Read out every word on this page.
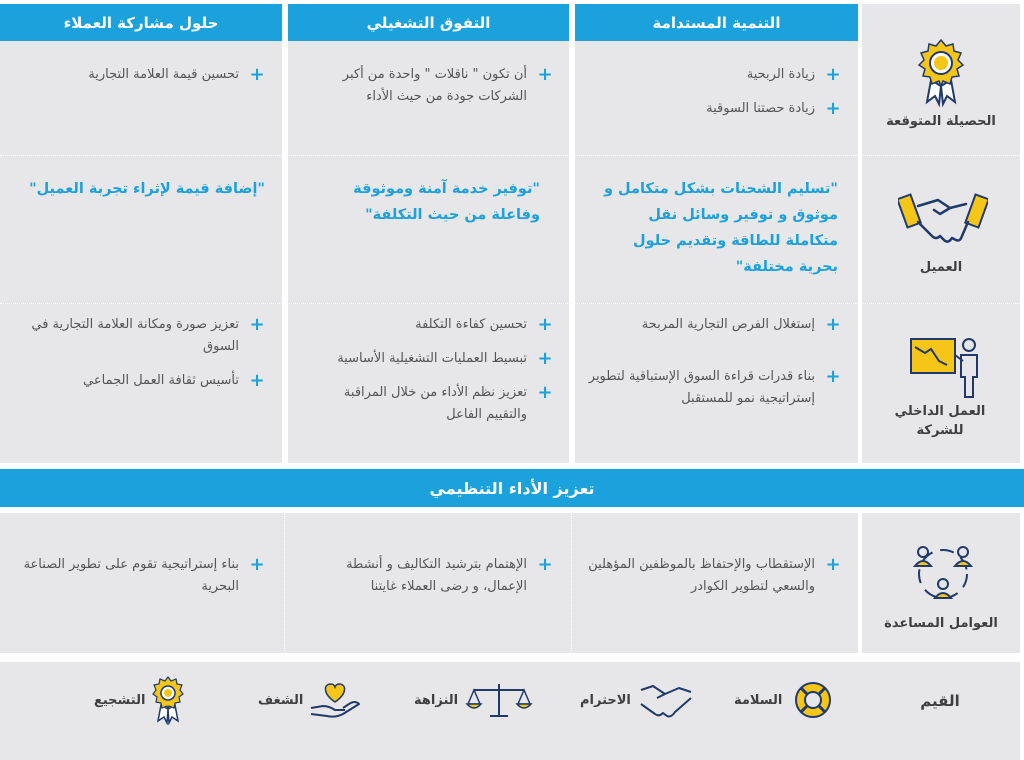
التنمية المستدامة
التفوق التشغيلي
حلول مشاركة العملاء
الحصيلة المتوقعة
+
زيادة الربحية
+
زيادة حصتنا السوقية
+
أن تكون " ناقلات " واحدة من أكبر الشركات جودة من حيث الأداء
+
تحسين قيمة العلامة التجارية
العميل
"تسليم الشحنات بشكل متكامل و موثوق و توفير وسائل نقل متكاملة للطاقة وتقديم حلول بحرية مختلفة"
"توفير خدمة آمنة وموثوقة وفاعلة من حيث التكلفة"
"إضافة قيمة لإثراء تجربة العميل"
العمل الداخلي للشركة
+
إستغلال الفرص التجارية المربحة
+
بناء قدرات قراءة السوق الإستباقية لتطوير إستراتيجية نمو للمستقبل
+
تحسين كفاءة التكلفة
+
تبسيط العمليات التشغيلية الأساسية
+
تعزيز نظم الأداء من خلال المراقبة والتقييم الفاعل
+
تعزيز صورة ومكانة العلامة التجارية في السوق
+
تأسيس ثقافة العمل الجماعي
تعزيز الأداء التنظيمي
العوامل المساعدة
+
الإستقطاب والإحتفاظ بالموظفين المؤهلين والسعي لتطوير الكوادر
+
الإهتمام بترشيد التكاليف و أنشطة الإعمال، و رضى العملاء غايتنا
+
بناء إستراتيجية تقوم على تطوير الصناعة البحرية
القيم
السلامة
الاحترام
النزاهة
الشغف
التشجيع
